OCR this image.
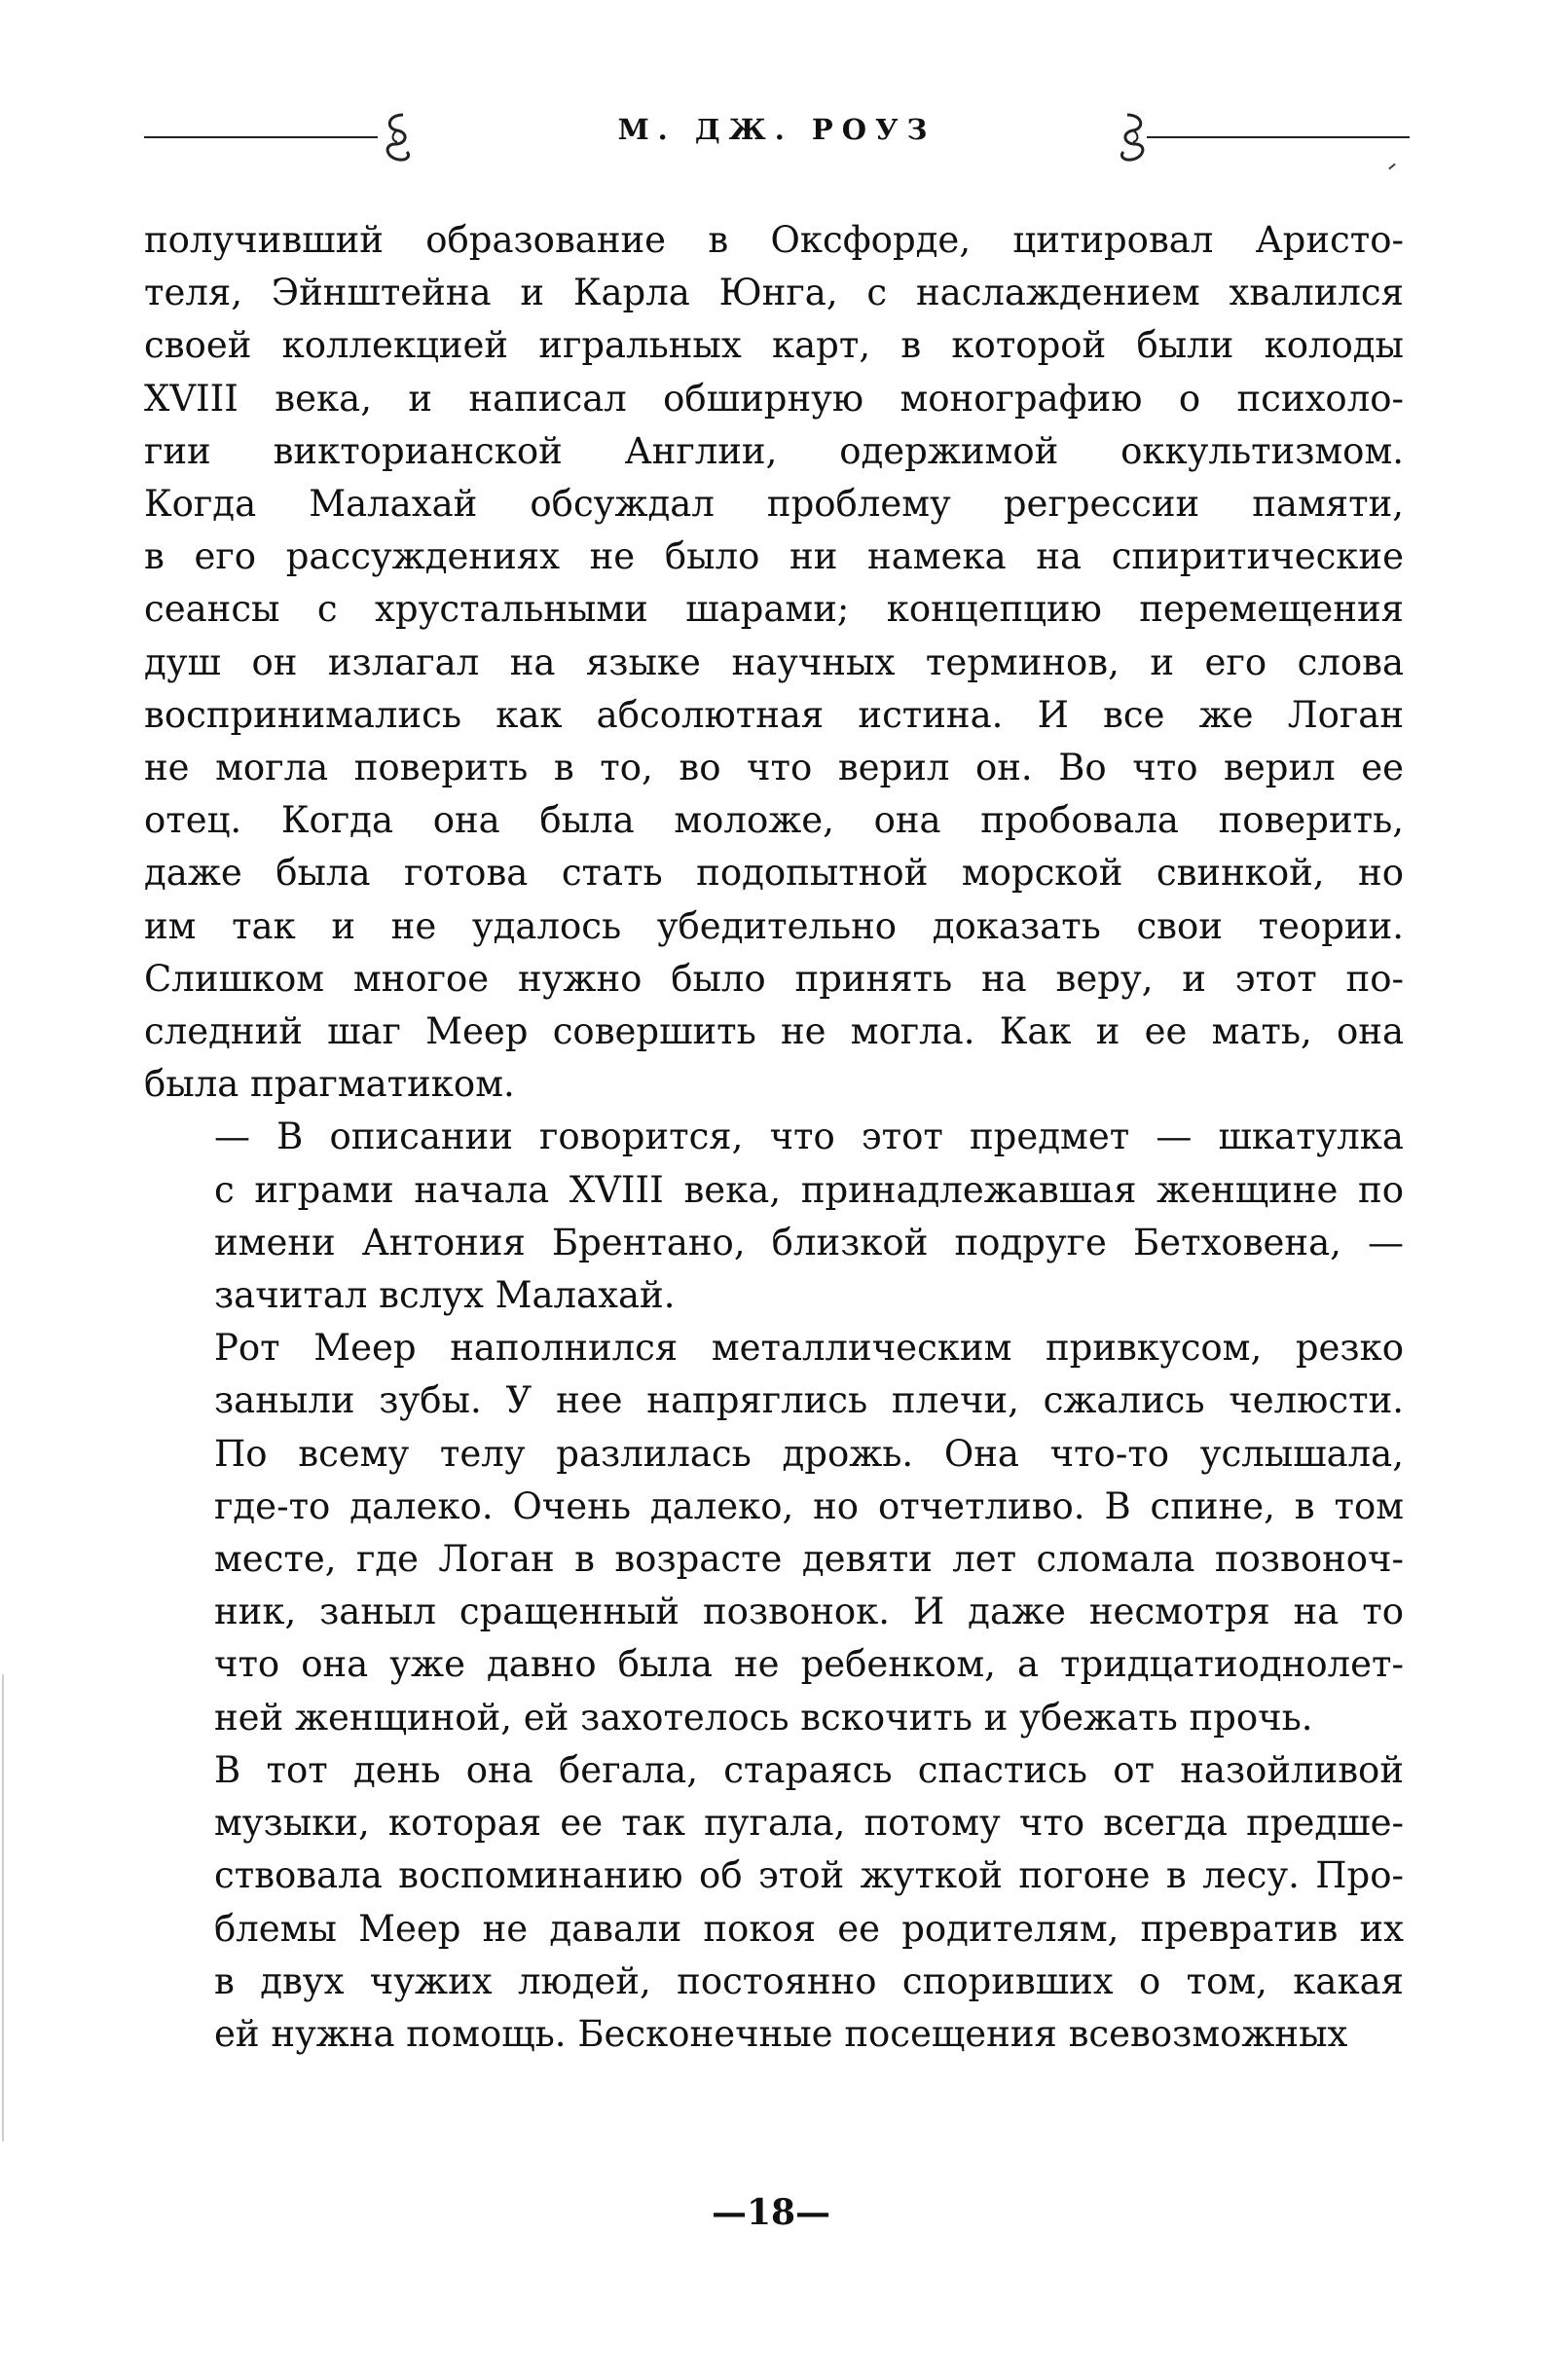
М. ДЖ. РОУЗ

получивший образование в Оксфорде, цитировал Аристо-
теля, Эйнштейна и Карла Юнга, с наслаждением хвалился
своей коллекцией игральных карт, в которой были колоды
XVIII века, и написал обширную монографию о психоло-
гии викторианской Англии, одержимой оккультизмом.
Когда Малахай обсуждал проблему регрессии памяти,
в его рассуждениях не было ни намека на спиритические
сеансы с хрустальными шарами; концепцию перемещения
душ он излагал на языке научных терминов, и его слова
воспринимались как абсолютная истина. И все же Логан
не могла поверить в то, во что верил он. Во что верил ее
отец. Когда она была моложе, она пробовала поверить,
даже была готова стать подопытной морской свинкой, но
им так и не удалось убедительно доказать свои теории.
Слишком многое нужно было принять на веру, и этот по-
следний шаг Меер совершить не могла. Как и ее мать, она
была прагматиком.

— В описании говорится, что этот предмет — шкатулка
с играми начала XVIII века, принадлежавшая женщине по
имени Антония Брентано, близкой подруге Бетховена, —
зачитал вслух Малахай.

Рот Меер наполнился металлическим привкусом, резко
заныли зубы. У нее напряглись плечи, сжались челюсти.
По всему телу разлилась дрожь. Она что-то услышала,
где-то далеко. Очень далеко, но отчетливо. В спине, в том
месте, где Логан в возрасте девяти лет сломала позвоноч-
ник, заныл сращенный позвонок. И даже несмотря на то
что она уже давно была не ребенком, а тридцатиоднолет-
ней женщиной, ей захотелось вскочить и убежать прочь.

В тот день она бегала, стараясь спастись от назойливой
музыки, которая ее так пугала, потому что всегда предше-
ствовала воспоминанию об этой жуткой погоне в лесу. Про-
блемы Меер не давали покоя ее родителям, превратив их
в двух чужих людей, постоянно споривших о том, какая
ей нужна помощь. Бесконечные посещения всевозможных

—18—
